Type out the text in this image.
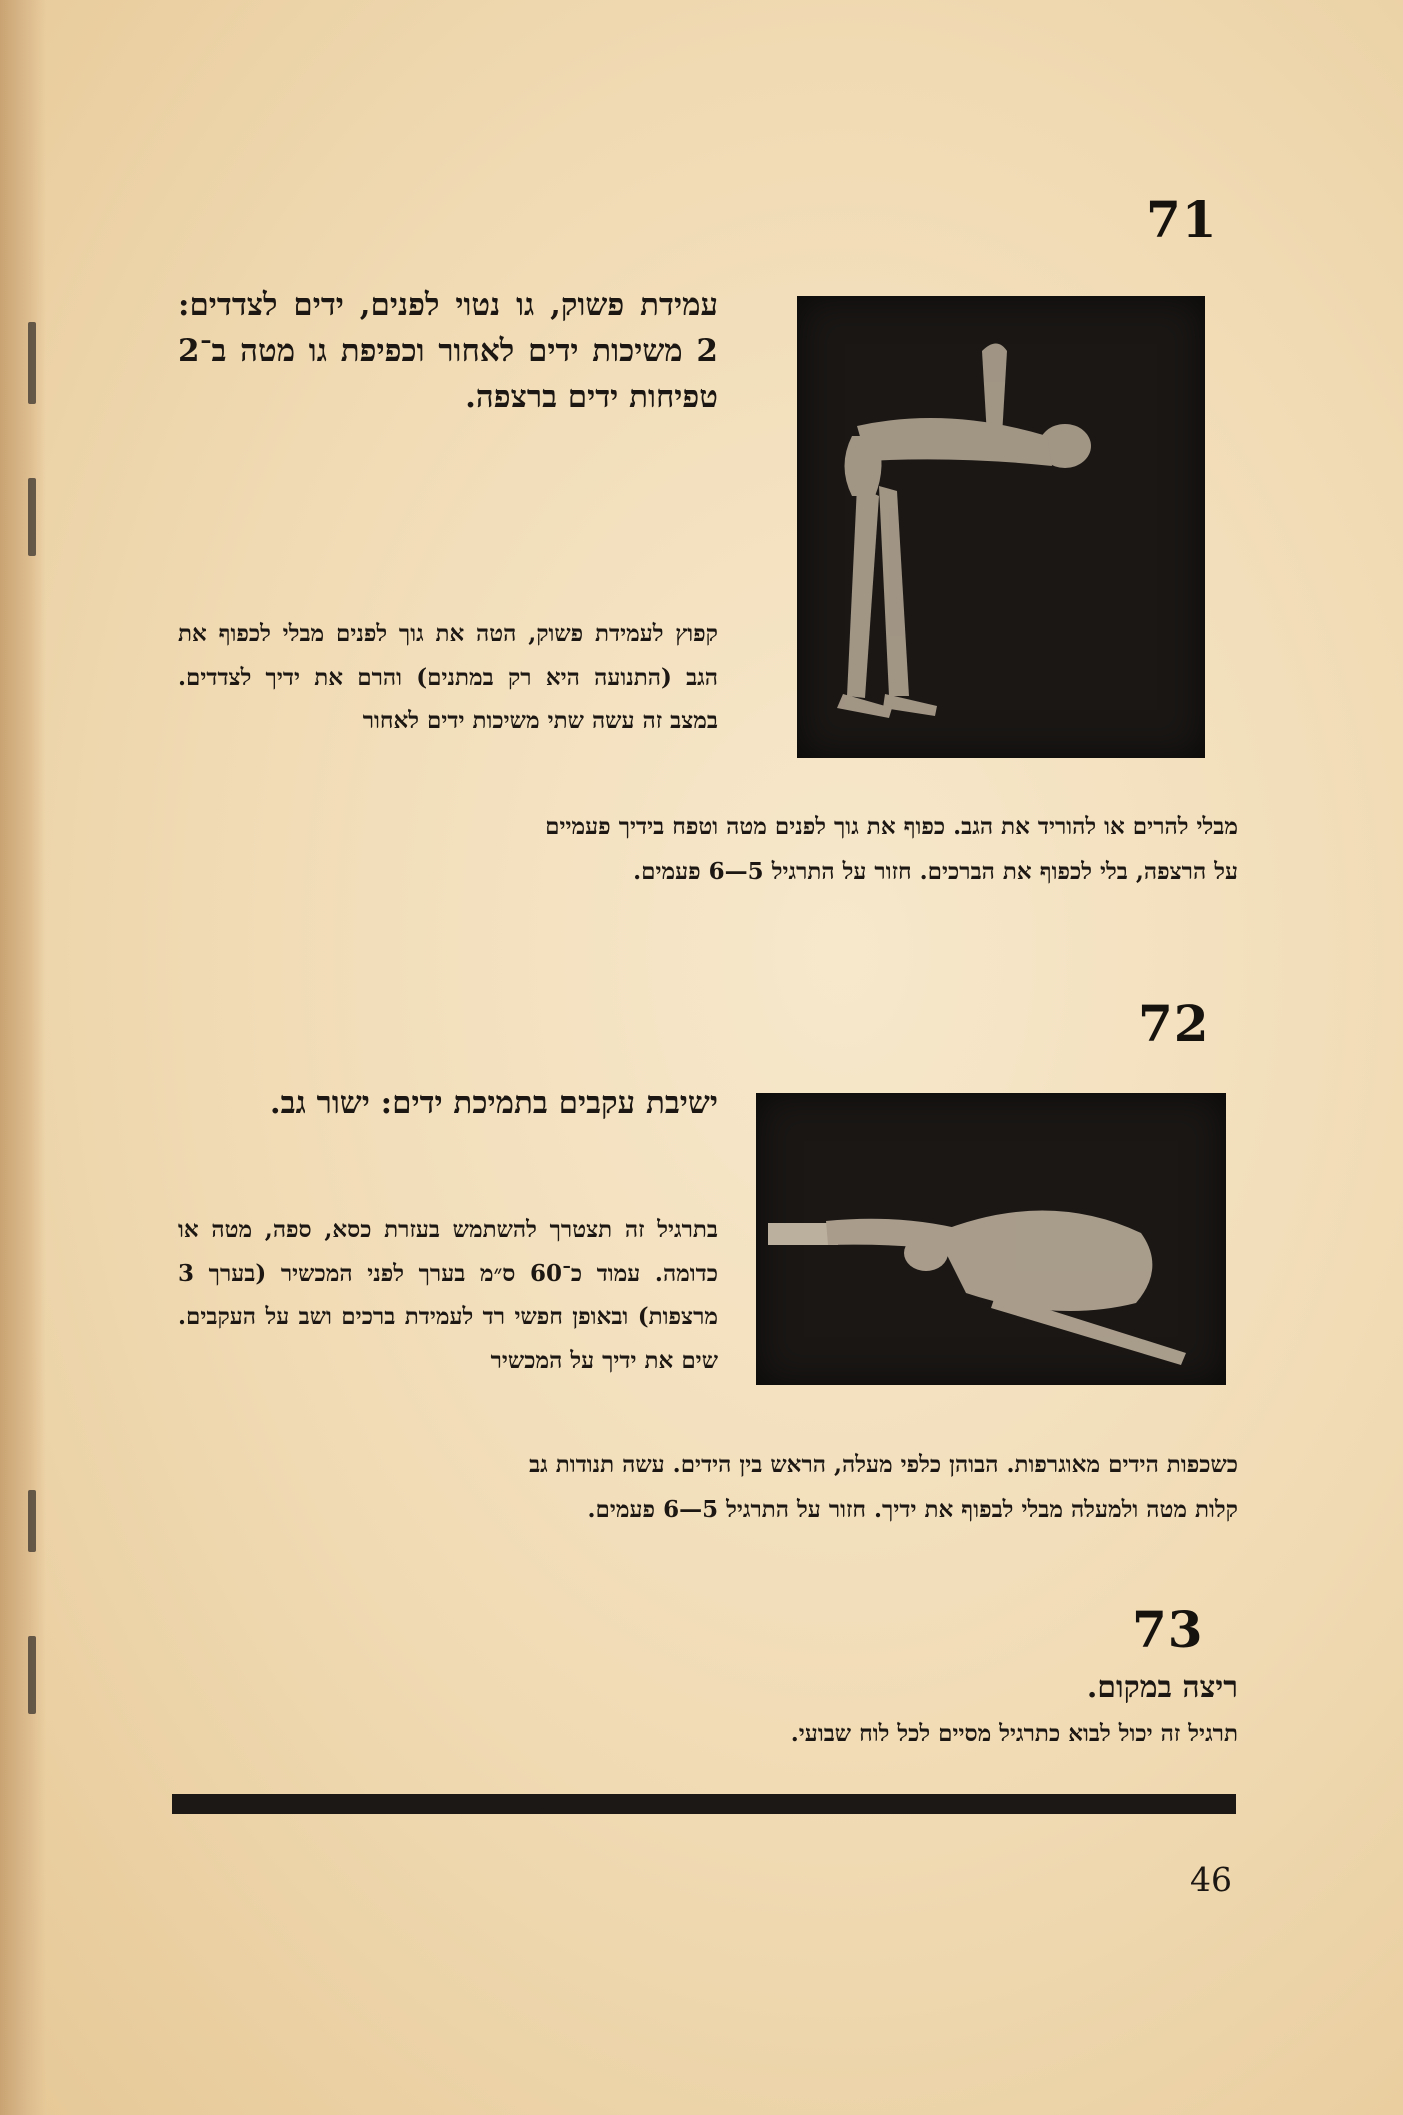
71

עמידת פשוק, גו נטוי לפנים, ידים לצדדים: 2 משיכות ידים לאחור וכפיפת גו מטה ב־2 טפיחות ידים ברצפה.

קפוץ לעמידת פשוק, הטה את גוך לפנים מבלי לכפוף את הגב (התנועה היא רק במתנים) והרם את ידיך לצדדים. במצב זה עשה שתי משיכות ידים לאחור

מבלי להרים או להוריד את הגב. כפוף את גוך לפנים מטה וטפח בידיך פעמיים

על הרצפה, בלי לכפוף את הברכים. חזור על התרגיל 5—6 פעמים.

72

ישיבת עקבים בתמיכת ידים: ישור גב.

בתרגיל זה תצטרך להשתמש בעזרת כסא, ספה, מטה או כדומה. עמוד כ־60 ס״מ בערך לפני המכשיר (בערך 3 מרצפות) ובאופן חפשי רד לעמידת ברכים ושב על העקבים. שים את ידיך על המכשיר

כשכפות הידים מאוגרפות. הבוהן כלפי מעלה, הראש בין הידים. עשה תנודות גב

קלות מטה ולמעלה מבלי לבפוף את ידיך. חזור על התרגיל 5—6 פעמים.

73

ריצה במקום.

תרגיל זה יכול לבוא כתרגיל מסיים לכל לוח שבועי.

46
